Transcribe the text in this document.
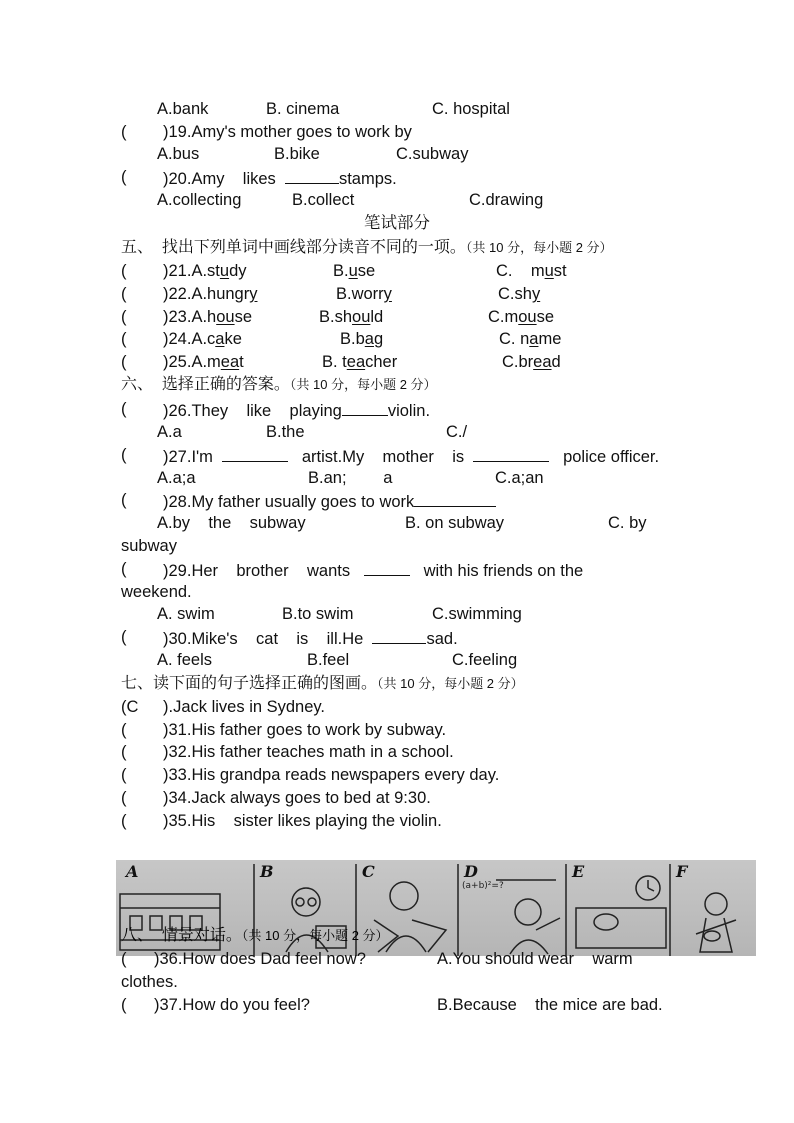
A.bank	B. cinema	C. hospital
( )19.Amy's mother goes to work by
A.bus	B.bike	C.subway
( )20.Amy    likes	stamps.
A.collecting	B.collect	C.drawing
笔试部分
五、  找出下列单词中画线部分读音不同的一项。（共 10 分，每小题 2 分）
( )21.A.study	B.use	C.    must
( )22.A.hungry	B.worry	C.shy
( )23.A.house	B.should	C.mouse
( )24.A.cake	B.bag	C. name
( )25.A.meat	B. teacher	C.bread
六、  选择正确的答案。（共 10 分，每小题 2 分）
( )26.They    like    playing	violin.
A.a	B.the	C./
( )27.I'm	artist.My    mother    is	police officer.
A.a;a	B.an;        a	C.a;an
( )28.My father usually goes to work
A.by    the    subway	B. on subway	C. by
subway
( )29.Her    brother    wants	with his friends on the
weekend.
A. swim	B.to swim	C.swimming
( )30.Mike's    cat    is    ill.He	sad.
A. feels	B.feel	C.feeling
七、读下面的句子选择正确的图画。（共 10 分，每小题 2 分）
(C ).Jack lives in Sydney.
( )31.His father goes to work by subway.
( )32.His father teaches math in a school.
( )33.His grandpa reads newspapers every day.
( )34.Jack always goes to bed at 9:30.
( )35.His    sister likes playing the violin.
(a+b)²=?
A	B	C	D	E	F
八、  情景对话。（共 10 分，每小题 2 分）
( )36.How does Dad feel now?	A.You should wear    warm
clothes.
( )37.How do you feel?	B.Because    the mice are bad.
